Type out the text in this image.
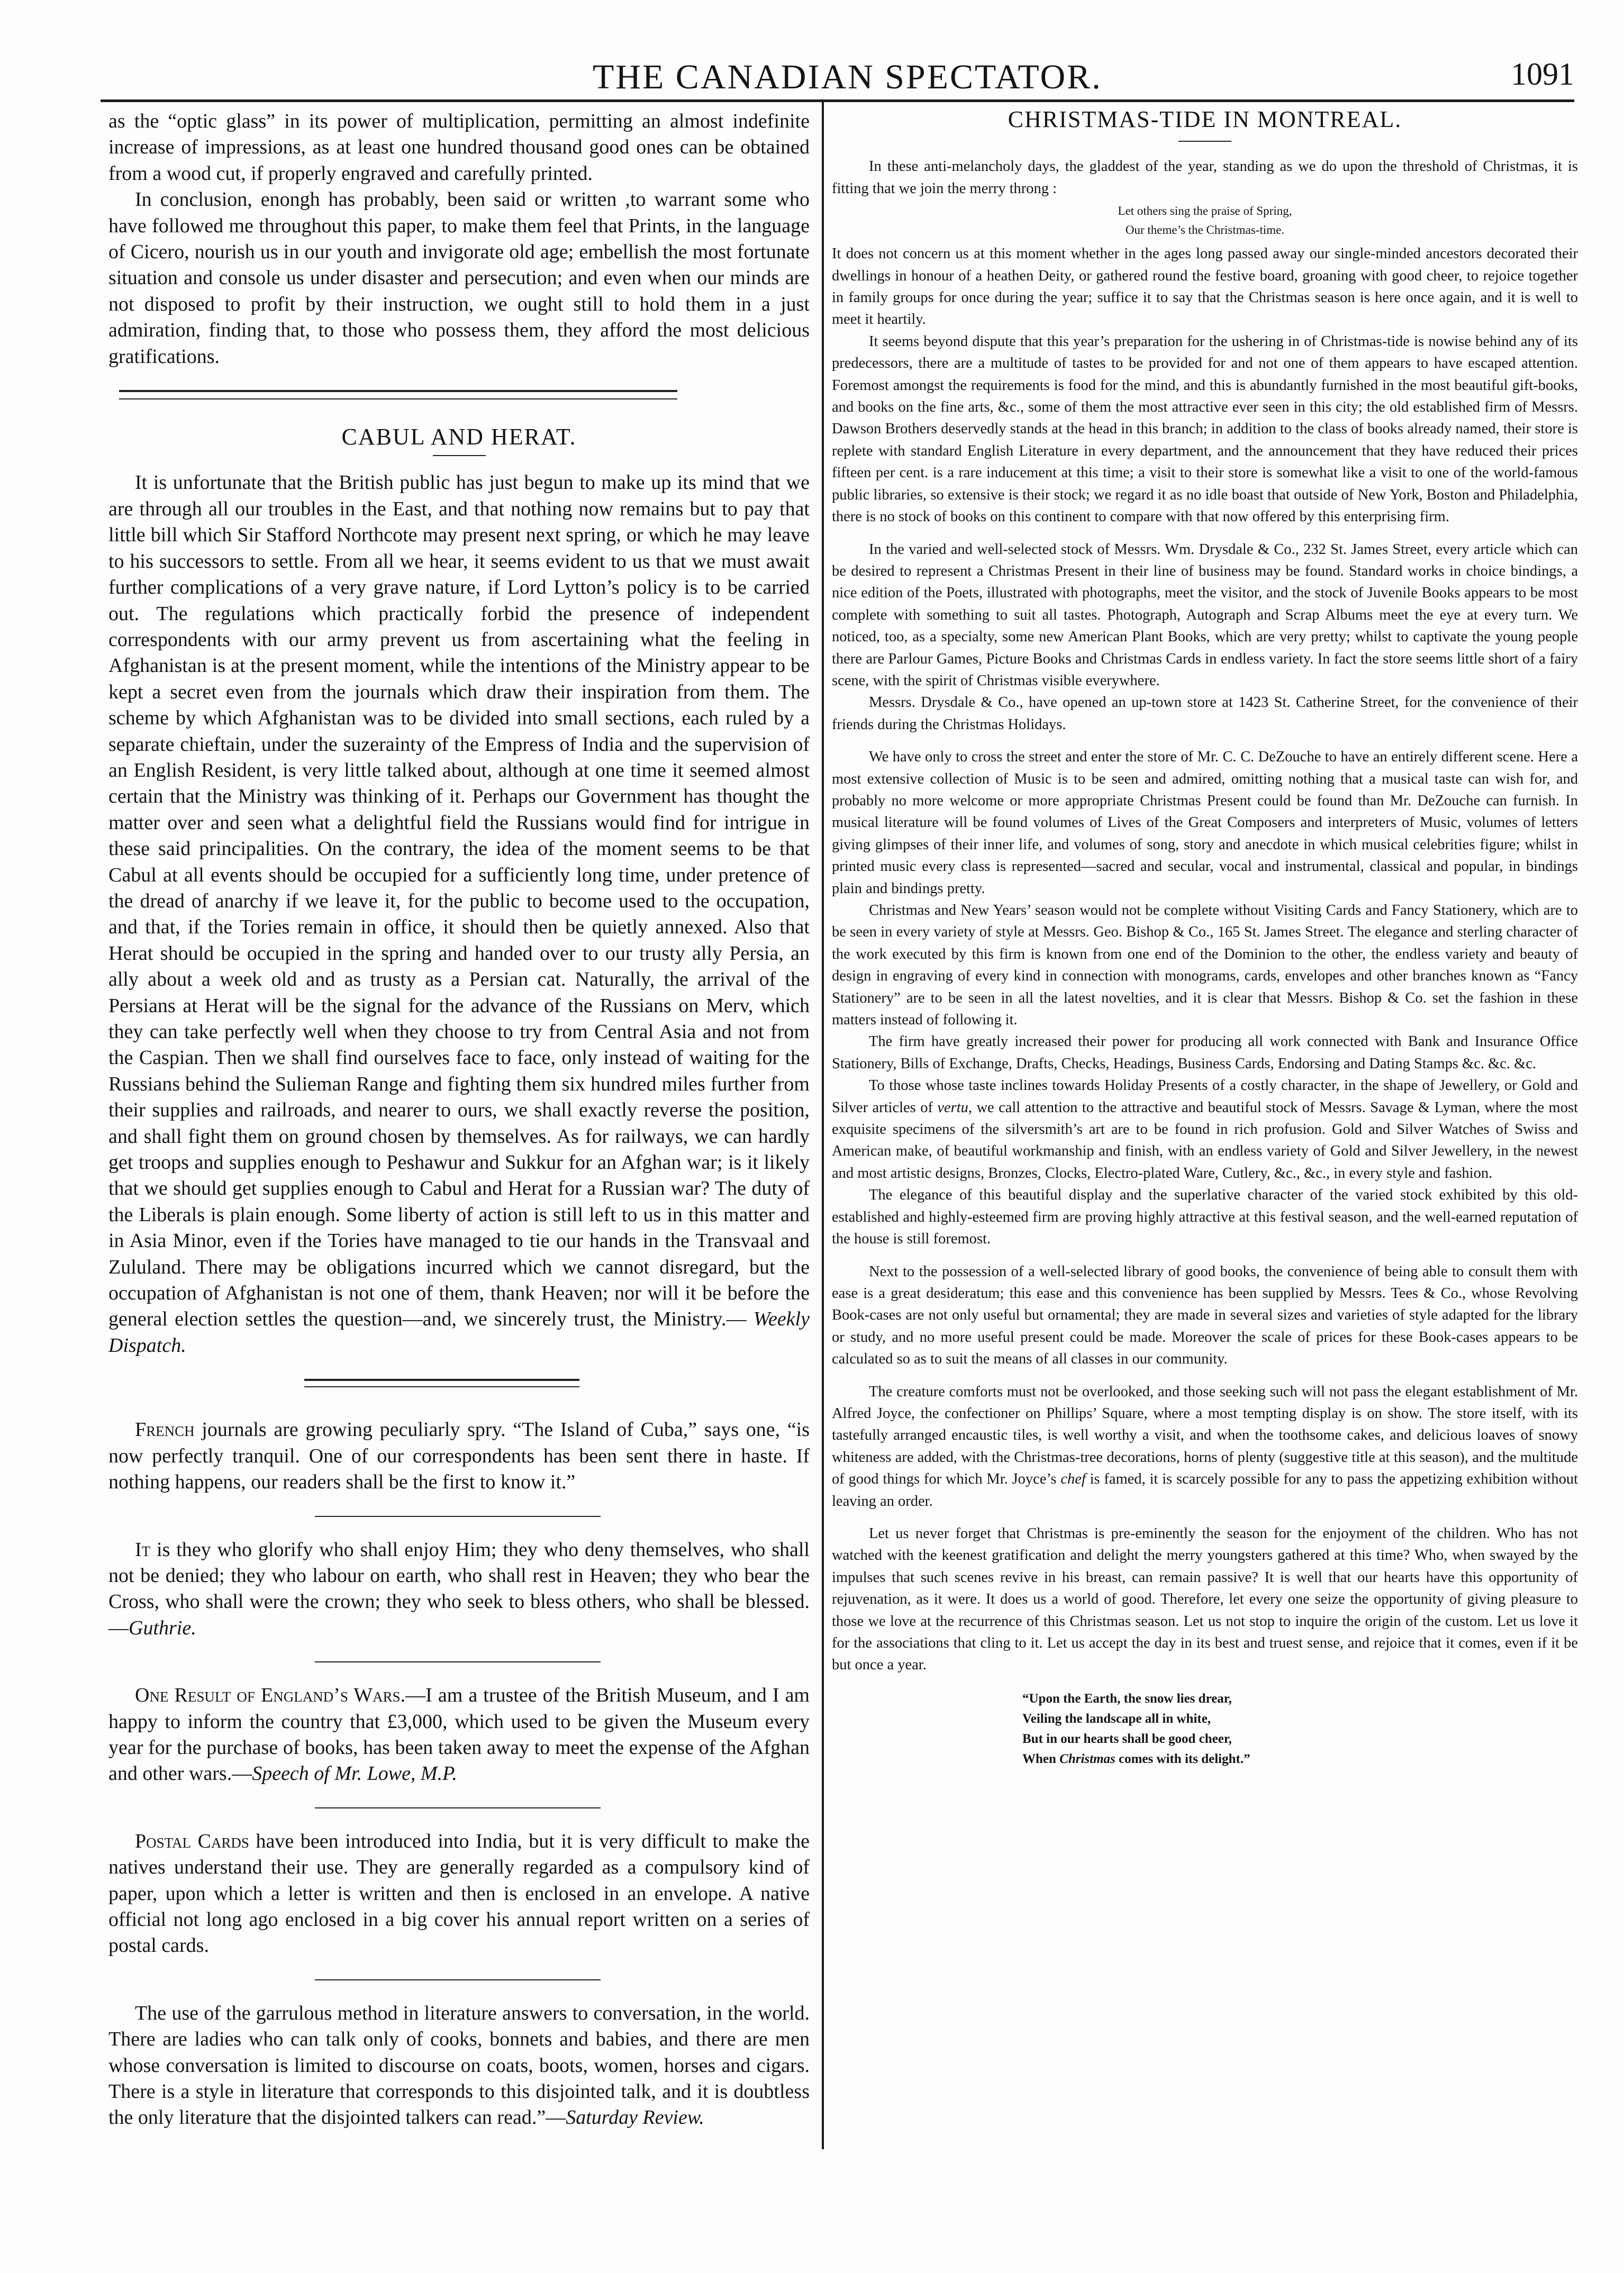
THE CANADIAN SPECTATOR.	1091

as the “optic glass” in its power of multiplication, permitting an almost indefinite increase of impressions, as at least one hundred thousand good ones can be obtained from a wood cut, if properly engraved and carefully printed.

In conclusion, enongh has probably, been said or written ,to warrant some who have followed me throughout this paper, to make them feel that Prints, in the language of Cicero, nourish us in our youth and invigorate old age; embellish the most fortunate situation and console us under disaster and persecution; and even when our minds are not disposed to profit by their instruction, we ought still to hold them in a just admiration, finding that, to those who possess them, they afford the most delicious gratifications.

CABUL AND HERAT.

It is unfortunate that the British public has just begun to make up its mind that we are through all our troubles in the East, and that nothing now remains but to pay that little bill which Sir Stafford Northcote may present next spring, or which he may leave to his successors to settle. From all we hear, it seems evident to us that we must await further complications of a very grave nature, if Lord Lytton’s policy is to be carried out. The regulations which practically forbid the presence of independent correspondents with our army prevent us from ascertaining what the feeling in Afghanistan is at the present moment, while the intentions of the Ministry appear to be kept a secret even from the journals which draw their inspiration from them. The scheme by which Afghanistan was to be divided into small sections, each ruled by a separate chieftain, under the suzerainty of the Empress of India and the supervision of an English Resident, is very little talked about, although at one time it seemed almost certain that the Ministry was thinking of it. Perhaps our Government has thought the matter over and seen what a delightful field the Russians would find for intrigue in these said principalities. On the contrary, the idea of the moment seems to be that Cabul at all events should be occupied for a sufficiently long time, under pretence of the dread of anarchy if we leave it, for the public to become used to the occupation, and that, if the Tories remain in office, it should then be quietly annexed. Also that Herat should be occupied in the spring and handed over to our trusty ally Persia, an ally about a week old and as trusty as a Persian cat. Naturally, the arrival of the Persians at Herat will be the signal for the advance of the Russians on Merv, which they can take perfectly well when they choose to try from Central Asia and not from the Caspian. Then we shall find ourselves face to face, only instead of waiting for the Russians behind the Sulieman Range and fighting them six hundred miles further from their supplies and railroads, and nearer to ours, we shall exactly reverse the position, and shall fight them on ground chosen by themselves. As for railways, we can hardly get troops and supplies enough to Peshawur and Sukkur for an Afghan war; is it likely that we should get supplies enough to Cabul and Herat for a Russian war? The duty of the Liberals is plain enough. Some liberty of action is still left to us in this matter and in Asia Minor, even if the Tories have managed to tie our hands in the Transvaal and Zululand. There may be obligations incurred which we cannot disregard, but the occupation of Afghanistan is not one of them, thank Heaven; nor will it be before the general election settles the question—and, we sincerely trust, the Ministry.— Weekly Dispatch.

French journals are growing peculiarly spry. “The Island of Cuba,” says one, “is now perfectly tranquil. One of our correspondents has been sent there in haste. If nothing happens, our readers shall be the first to know it.”

It is they who glorify who shall enjoy Him; they who deny themselves, who shall not be denied; they who labour on earth, who shall rest in Heaven; they who bear the Cross, who shall were the crown; they who seek to bless others, who shall be blessed.—Guthrie.

One Result of England’s Wars.—I am a trustee of the British Museum, and I am happy to inform the country that £3,000, which used to be given the Museum every year for the purchase of books, has been taken away to meet the expense of the Afghan and other wars.—Speech of Mr. Lowe, M.P.

Postal Cards have been introduced into India, but it is very difficult to make the natives understand their use. They are generally regarded as a compulsory kind of paper, upon which a letter is written and then is enclosed in an envelope. A native official not long ago enclosed in a big cover his annual report written on a series of postal cards.

The use of the garrulous method in literature answers to conversation, in the world. There are ladies who can talk only of cooks, bonnets and babies, and there are men whose conversation is limited to discourse on coats, boots, women, horses and cigars. There is a style in literature that corresponds to this disjointed talk, and it is doubtless the only literature that the disjointed talkers can read.”—Saturday Review.

CHRISTMAS-TIDE IN MONTREAL.

In these anti-melancholy days, the gladdest of the year, standing as we do upon the threshold of Christmas, it is fitting that we join the merry throng :

Let others sing the praise of Spring,
Our theme’s the Christmas-time.

It does not concern us at this moment whether in the ages long passed away our single-minded ancestors decorated their dwellings in honour of a heathen Deity, or gathered round the festive board, groaning with good cheer, to rejoice together in family groups for once during the year; suffice it to say that the Christmas season is here once again, and it is well to meet it heartily.

It seems beyond dispute that this year’s preparation for the ushering in of Christmas-tide is nowise behind any of its predecessors, there are a multitude of tastes to be provided for and not one of them appears to have escaped attention. Foremost amongst the requirements is food for the mind, and this is abundantly furnished in the most beautiful gift-books, and books on the fine arts, &c., some of them the most attractive ever seen in this city; the old established firm of Messrs. Dawson Brothers deservedly stands at the head in this branch; in addition to the class of books already named, their store is replete with standard English Literature in every department, and the announcement that they have reduced their prices fifteen per cent. is a rare inducement at this time; a visit to their store is somewhat like a visit to one of the world-famous public libraries, so extensive is their stock; we regard it as no idle boast that outside of New York, Boston and Philadelphia, there is no stock of books on this continent to compare with that now offered by this enterprising firm.

In the varied and well-selected stock of Messrs. Wm. Drysdale & Co., 232 St. James Street, every article which can be desired to represent a Christmas Present in their line of business may be found. Standard works in choice bindings, a nice edition of the Poets, illustrated with photographs, meet the visitor, and the stock of Juvenile Books appears to be most complete with something to suit all tastes. Photograph, Autograph and Scrap Albums meet the eye at every turn. We noticed, too, as a specialty, some new American Plant Books, which are very pretty; whilst to captivate the young people there are Parlour Games, Picture Books and Christmas Cards in endless variety. In fact the store seems little short of a fairy scene, with the spirit of Christmas visible everywhere.

Messrs. Drysdale & Co., have opened an up-town store at 1423 St. Catherine Street, for the convenience of their friends during the Christmas Holidays.

We have only to cross the street and enter the store of Mr. C. C. DeZouche to have an entirely different scene. Here a most extensive collection of Music is to be seen and admired, omitting nothing that a musical taste can wish for, and probably no more welcome or more appropriate Christmas Present could be found than Mr. DeZouche can furnish. In musical literature will be found volumes of Lives of the Great Composers and interpreters of Music, volumes of letters giving glimpses of their inner life, and volumes of song, story and anecdote in which musical celebrities figure; whilst in printed music every class is represented—sacred and secular, vocal and instrumental, classical and popular, in bindings plain and bindings pretty.

Christmas and New Years’ season would not be complete without Visiting Cards and Fancy Stationery, which are to be seen in every variety of style at Messrs. Geo. Bishop & Co., 165 St. James Street. The elegance and sterling character of the work executed by this firm is known from one end of the Dominion to the other, the endless variety and beauty of design in engraving of every kind in connection with monograms, cards, envelopes and other branches known as “Fancy Stationery” are to be seen in all the latest novelties, and it is clear that Messrs. Bishop & Co. set the fashion in these matters instead of following it.

The firm have greatly increased their power for producing all work connected with Bank and Insurance Office Stationery, Bills of Exchange, Drafts, Checks, Headings, Business Cards, Endorsing and Dating Stamps &c. &c. &c.

To those whose taste inclines towards Holiday Presents of a costly character, in the shape of Jewellery, or Gold and Silver articles of vertu, we call attention to the attractive and beautiful stock of Messrs. Savage & Lyman, where the most exquisite specimens of the silversmith’s art are to be found in rich profusion. Gold and Silver Watches of Swiss and American make, of beautiful workmanship and finish, with an endless variety of Gold and Silver Jewellery, in the newest and most artistic designs, Bronzes, Clocks, Electro-plated Ware, Cutlery, &c., &c., in every style and fashion.

The elegance of this beautiful display and the superlative character of the varied stock exhibited by this old-established and highly-esteemed firm are proving highly attractive at this festival season, and the well-earned reputation of the house is still foremost.

Next to the possession of a well-selected library of good books, the convenience of being able to consult them with ease is a great desideratum; this ease and this convenience has been supplied by Messrs. Tees & Co., whose Revolving Book-cases are not only useful but ornamental; they are made in several sizes and varieties of style adapted for the library or study, and no more useful present could be made. Moreover the scale of prices for these Book-cases appears to be calculated so as to suit the means of all classes in our community.

The creature comforts must not be overlooked, and those seeking such will not pass the elegant establishment of Mr. Alfred Joyce, the confectioner on Phillips’ Square, where a most tempting display is on show. The store itself, with its tastefully arranged encaustic tiles, is well worthy a visit, and when the toothsome cakes, and delicious loaves of snowy whiteness are added, with the Christmas-tree decorations, horns of plenty (suggestive title at this season), and the multitude of good things for which Mr. Joyce’s chef is famed, it is scarcely possible for any to pass the appetizing exhibition without leaving an order.

Let us never forget that Christmas is pre-eminently the season for the enjoyment of the children. Who has not watched with the keenest gratification and delight the merry youngsters gathered at this time? Who, when swayed by the impulses that such scenes revive in his breast, can remain passive? It is well that our hearts have this opportunity of rejuvenation, as it were. It does us a world of good. Therefore, let every one seize the opportunity of giving pleasure to those we love at the recurrence of this Christmas season. Let us not stop to inquire the origin of the custom. Let us love it for the associations that cling to it. Let us accept the day in its best and truest sense, and rejoice that it comes, even if it be but once a year.

“Upon the Earth, the snow lies drear,
Veiling the landscape all in white,
But in our hearts shall be good cheer,
When Christmas comes with its delight.”
